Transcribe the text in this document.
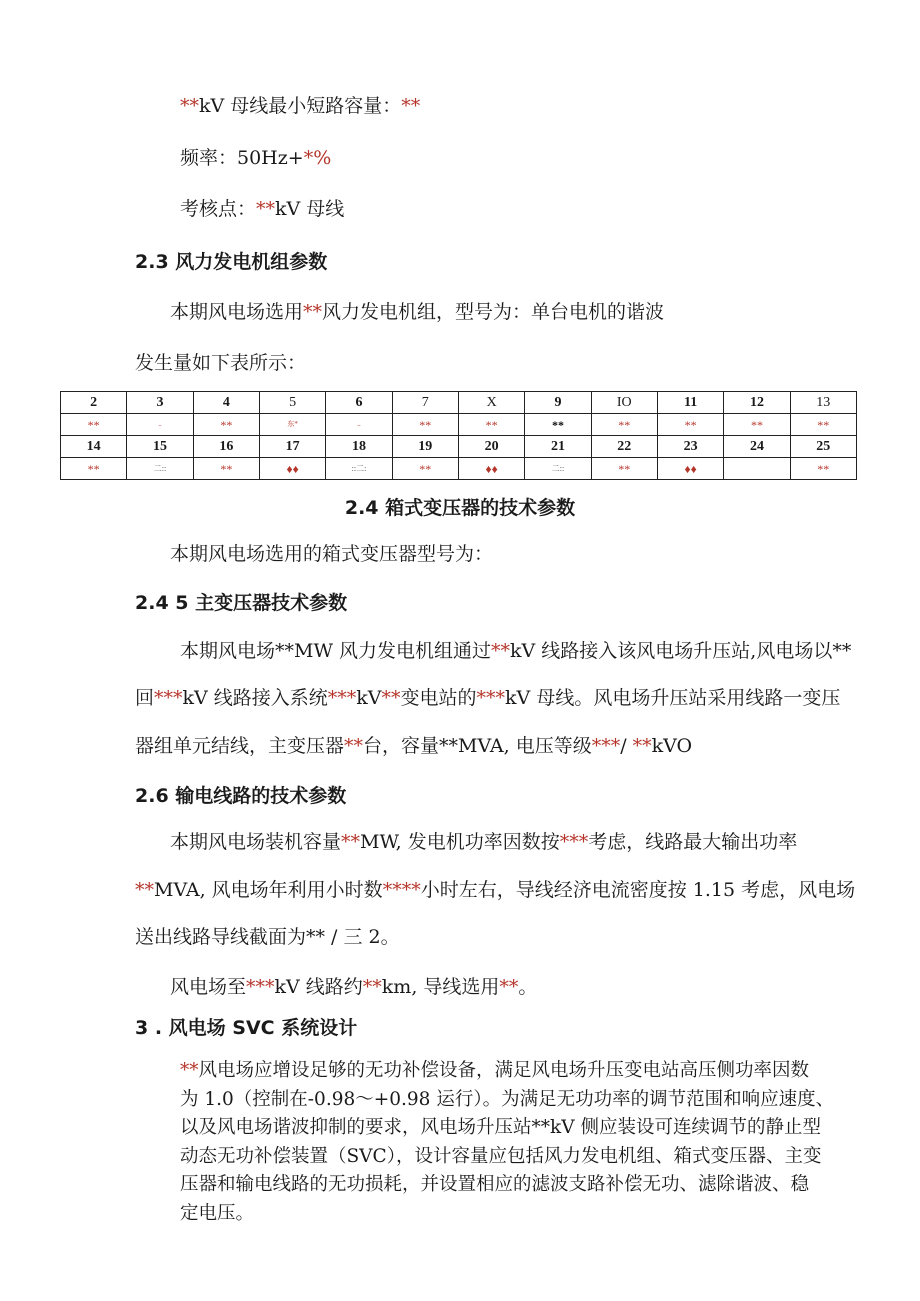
**kV 母线最小短路容量：**
频率：50Hz+*%
考核点：**kV 母线
2.3 风力发电机组参数
本期风电场选用**风力发电机组，型号为：单台电机的谐波
发生量如下表所示：
2	3	4	5	6	7	X	9	IO	11	12	13
**	..	**	东*	..	**	**	**	**	**	**	**
14	15	16	17	18	19	20	21	22	23	24	25
**	二::	**	♦♦	::二:	**	♦♦	二::	**	♦♦		**
2.4 箱式变压器的技术参数
本期风电场选用的箱式变压器型号为：
2.4 5 主变压器技术参数
本期风电场**MW 风力发电机组通过**kV 线路接入该风电场升压站,风电场以**
回***kV 线路接入系统***kV**变电站的***kV 母线。风电场升压站采用线路一变压
器组单元结线，主变压器**台，容量**MVA, 电压等级***/ **kVO
2.6 输电线路的技术参数
本期风电场装机容量**MW, 发电机功率因数按***考虑，线路最大输出功率
**MVA, 风电场年利用小时数****小时左右，导线经济电流密度按 1.15 考虑，风电场
送出线路导线截面为** / 三 2。
风电场至***kV 线路约**km, 导线选用**。
3 . 风电场 SVC 系统设计
**风电场应增设足够的无功补偿设备，满足风电场升压变电站高压侧功率因数
为 1.0（控制在-0.98～+0.98 运行）。为满足无功功率的调节范围和响应速度、
以及风电场谐波抑制的要求，风电场升压站**kV 侧应装设可连续调节的静止型
动态无功补偿装置（SVC），设计容量应包括风力发电机组、箱式变压器、主变
压器和输电线路的无功损耗，并设置相应的滤波支路补偿无功、滤除谐波、稳
定电压。
